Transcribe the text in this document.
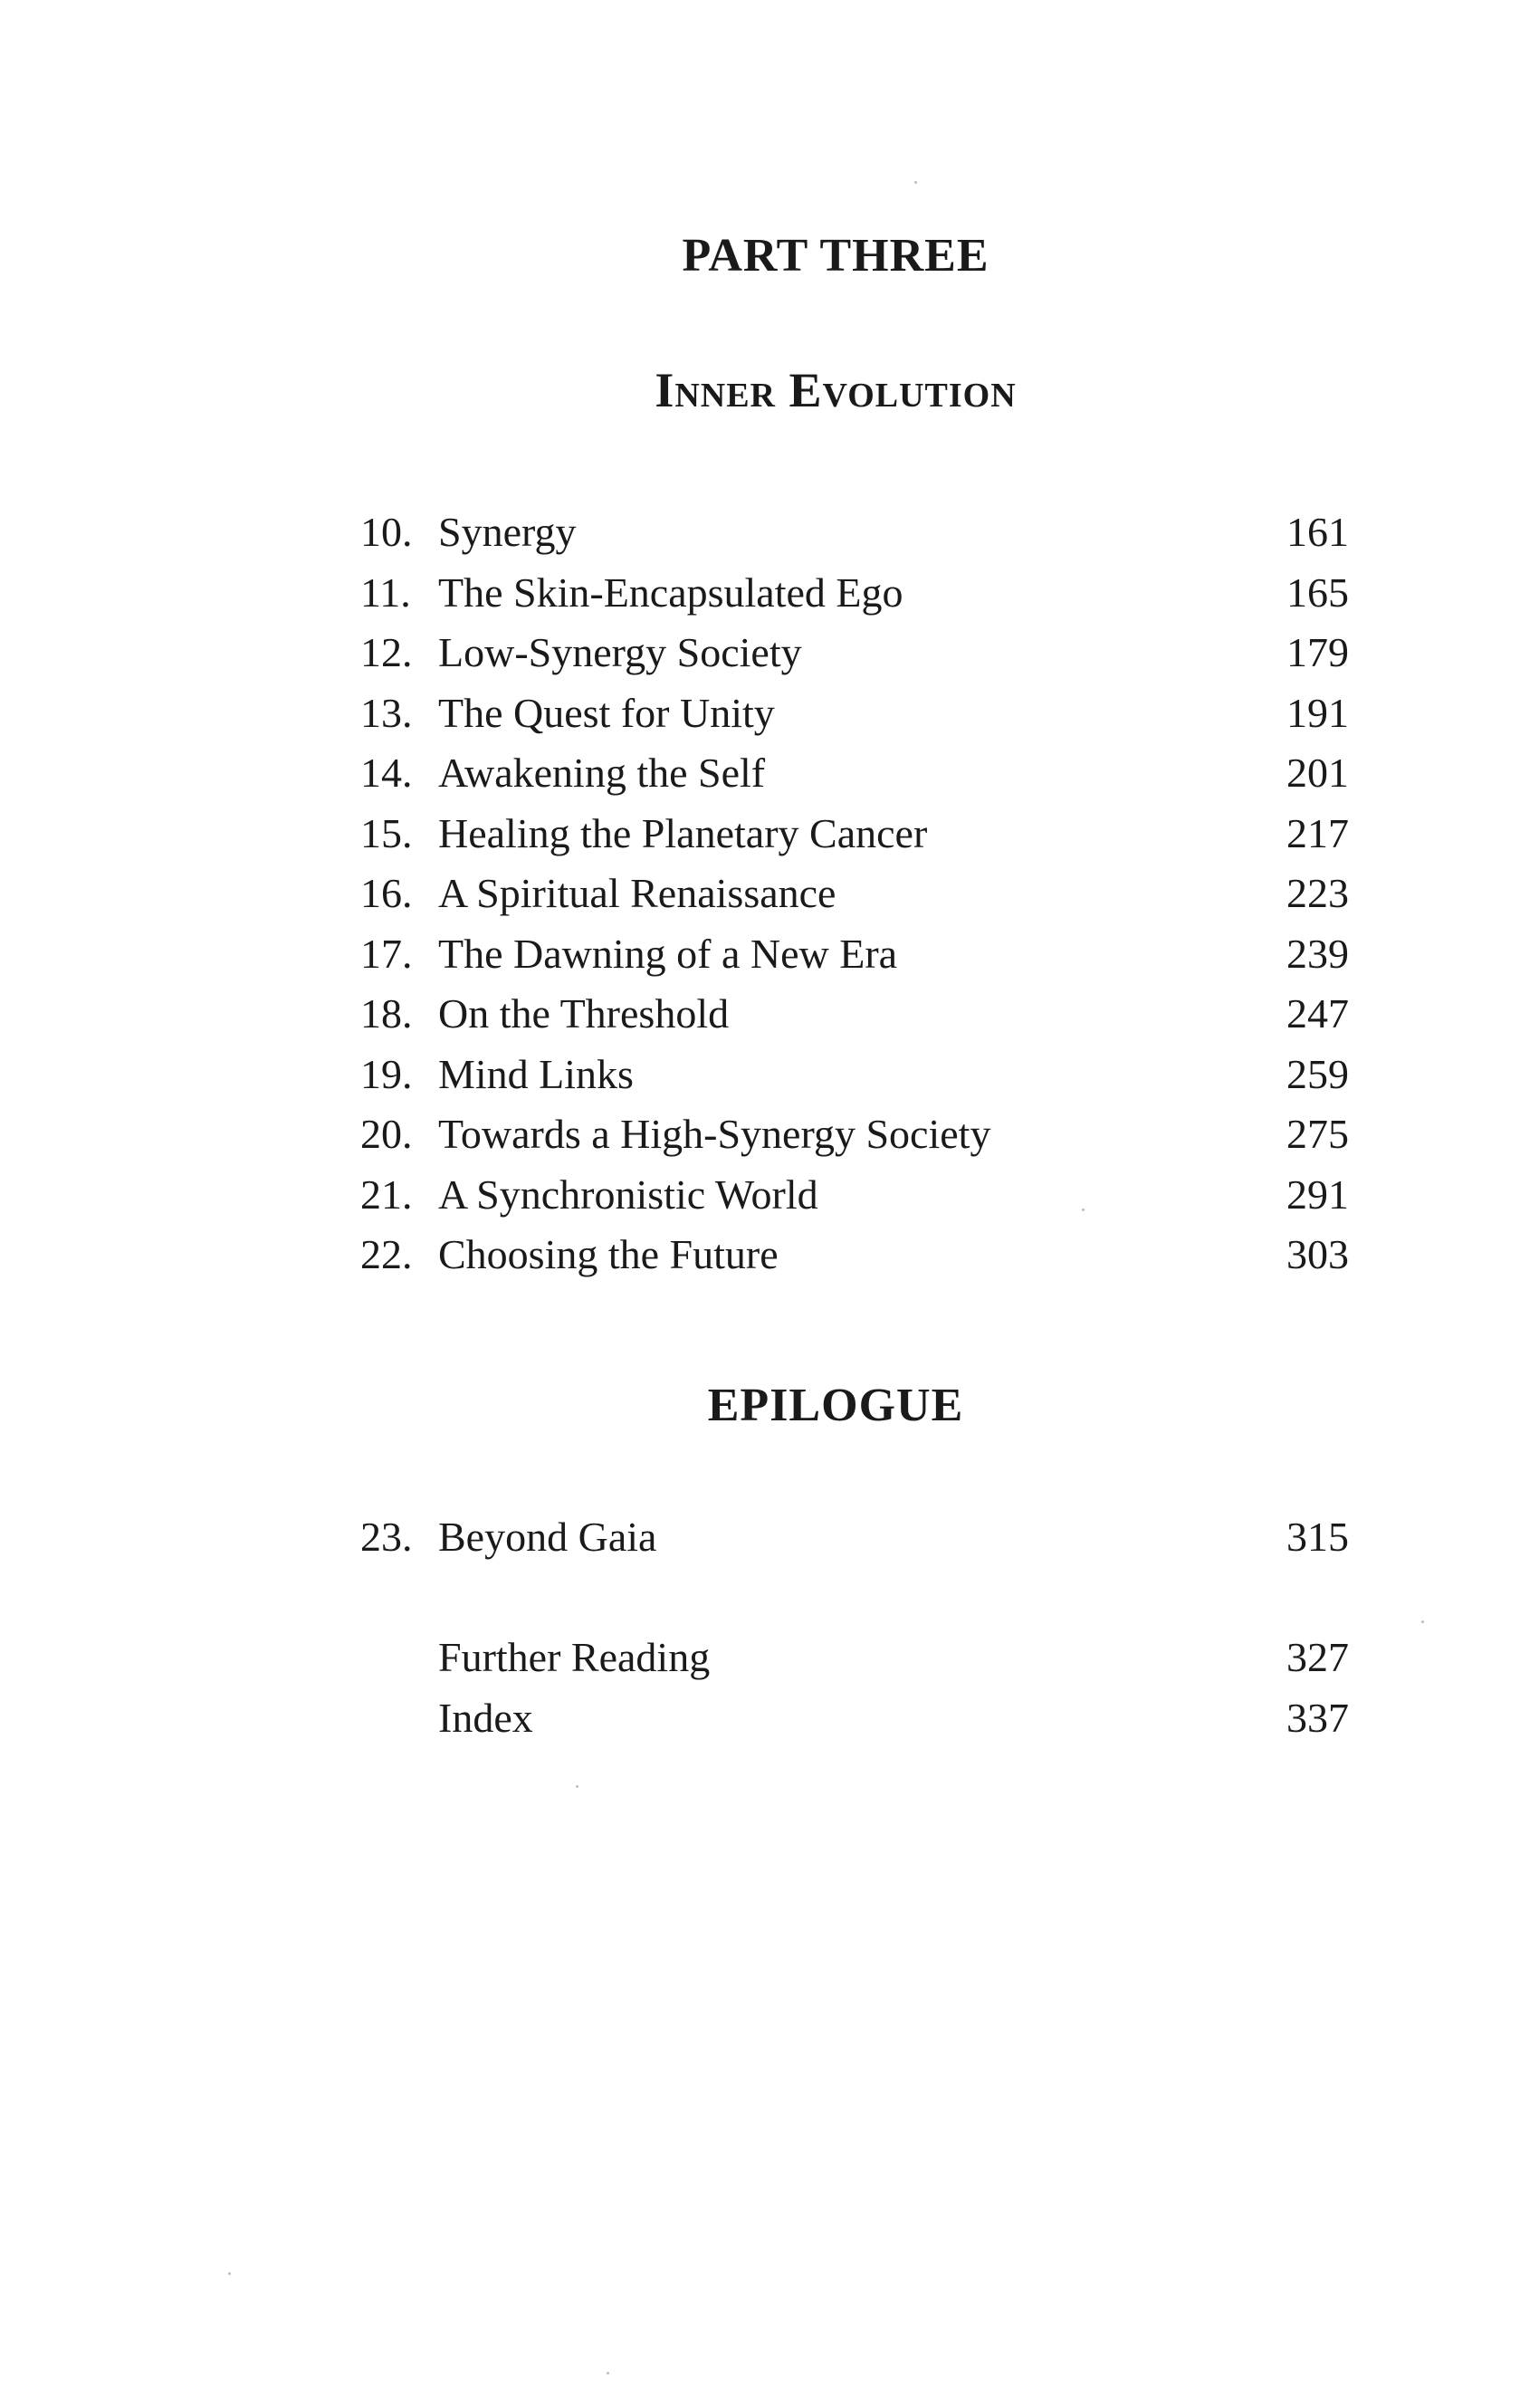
PART THREE
Inner Evolution
10. Synergy	161
11. The Skin-Encapsulated Ego	165
12. Low-Synergy Society	179
13. The Quest for Unity	191
14. Awakening the Self	201
15. Healing the Planetary Cancer	217
16. A Spiritual Renaissance	223
17. The Dawning of a New Era	239
18. On the Threshold	247
19. Mind Links	259
20. Towards a High-Synergy Society	275
21. A Synchronistic World	291
22. Choosing the Future	303
EPILOGUE
23. Beyond Gaia	315
Further Reading	327
Index	337
